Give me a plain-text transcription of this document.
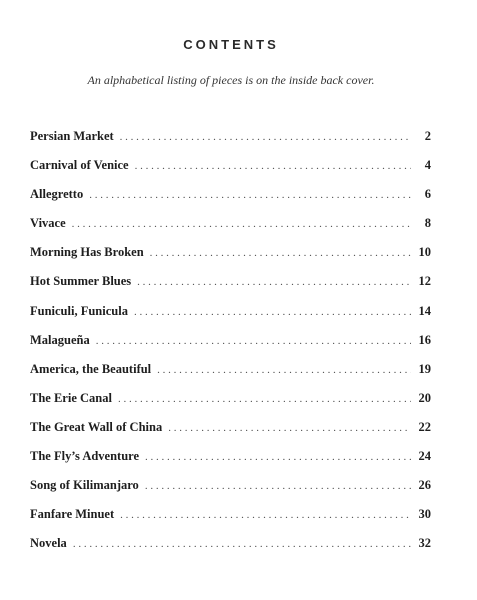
CONTENTS
An alphabetical listing of pieces is on the inside back cover.
Persian Market . . .	2
Carnival of Venice . . .	4
Allegretto . . .	6
Vivace . . .	8
Morning Has Broken . . .	10
Hot Summer Blues . . .	12
Funiculi, Funicula . . .	14
Malagueña . . .	16
America, the Beautiful . . .	19
The Erie Canal . . .	20
The Great Wall of China . . .	22
The Fly’s Adventure . . .	24
Song of Kilimanjaro . . .	26
Fanfare Minuet . . .	30
Novela . . .	32
